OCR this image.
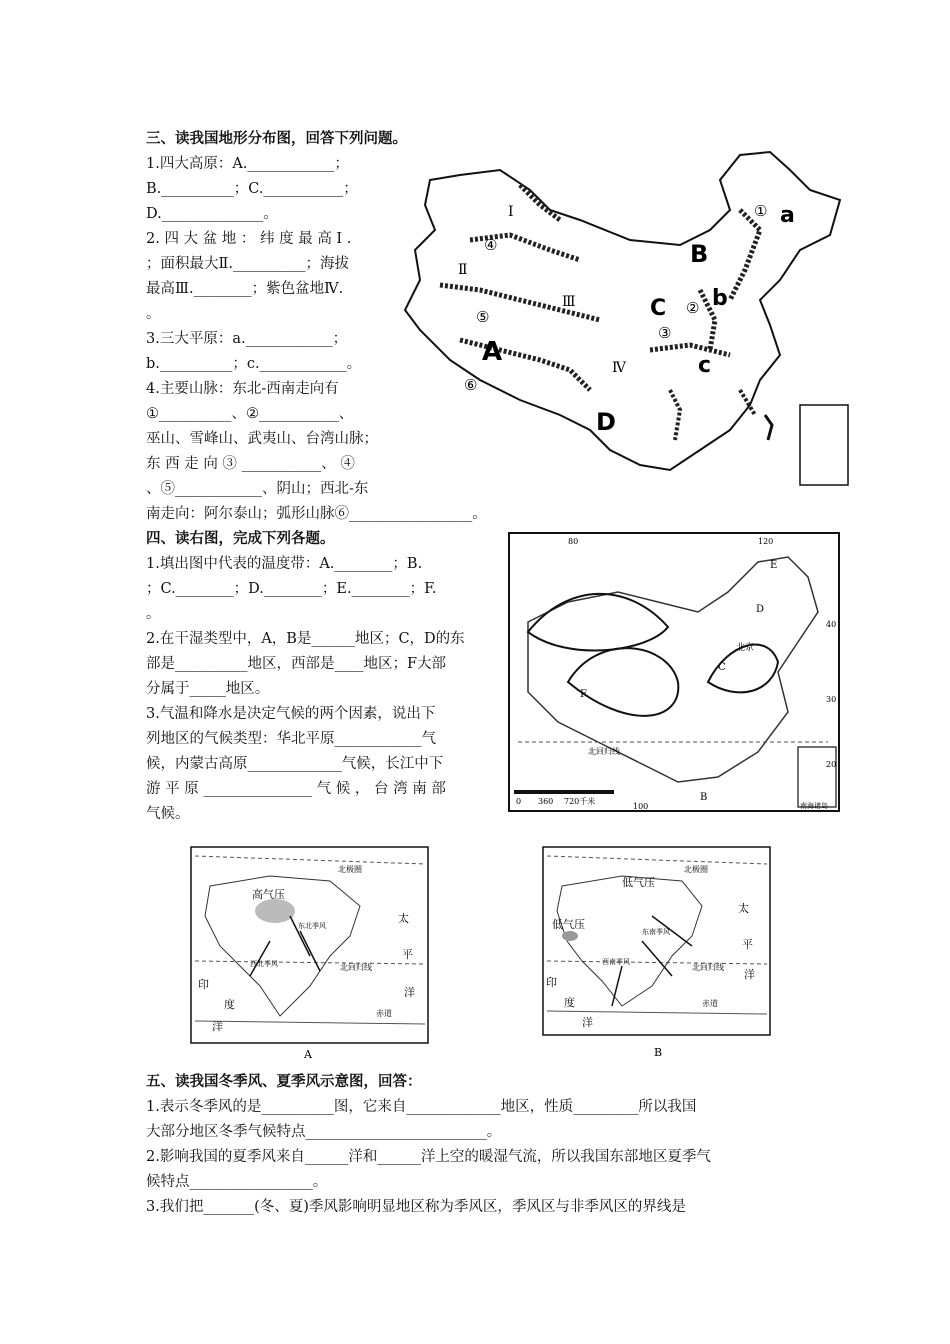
三、读我国地形分布图，回答下列问题。
1.四大高原：A.____________；
B.__________；C.___________；
D.______________。
2. 四 大 盆 地 ： 纬 度 最 高 Ⅰ .
；面积最大Ⅱ.__________；海拔
最高Ⅲ.________；紫色盆地Ⅳ.
。
3.三大平原：a.____________；
b.__________；c.____________。
4.主要山脉：东北-西南走向有
①__________、②___________、
巫山、雪峰山、武夷山、台湾山脉；
东 西 走 向 ③ ___________、 ④
、⑤____________、阴山；西北-东
南走向：阿尔泰山；弧形山脉⑥_________________。
A
B
C
D
a
b
c
Ⅰ
Ⅱ
Ⅲ
Ⅳ
①
②
③
④
⑤
⑥
四、读右图，完成下列各题。
1.填出图中代表的温度带：A.________；B.
；C.________；D.________；E.________；F.
。
2.在干湿类型中，A，B是______地区；C，D的东
部是__________地区，西部是____地区；F大部
分属于_____地区。
3.气温和降水是决定气候的两个因素，说出下
列地区的气候类型：华北平原____________气
候，内蒙古高原_____________气候，长江中下
游 平 原 _______________ 气 候 ， 台 湾 南 部
气候。
E
D
C
F
B
北京
北回归线
南海诸岛
0 360 720千米
40
30
20
80
100
120
高气压
北极圈
北回归线
赤道
太
平
洋
印
度
洋
东北季风
西北季风
A
低气压
低气压
北极圈
北回归线
赤道
太
平
洋
印
度
洋
东南季风
西南季风
B
五、读我国冬季风、夏季风示意图，回答：
1.表示冬季风的是__________图，它来自_____________地区，性质_________所以我国
大部分地区冬季气候特点_________________________。
2.影响我国的夏季风来自______洋和______洋上空的暖湿气流，所以我国东部地区夏季气
候特点_________________。
3.我们把_______(冬、夏)季风影响明显地区称为季风区，季风区与非季风区的界线是
